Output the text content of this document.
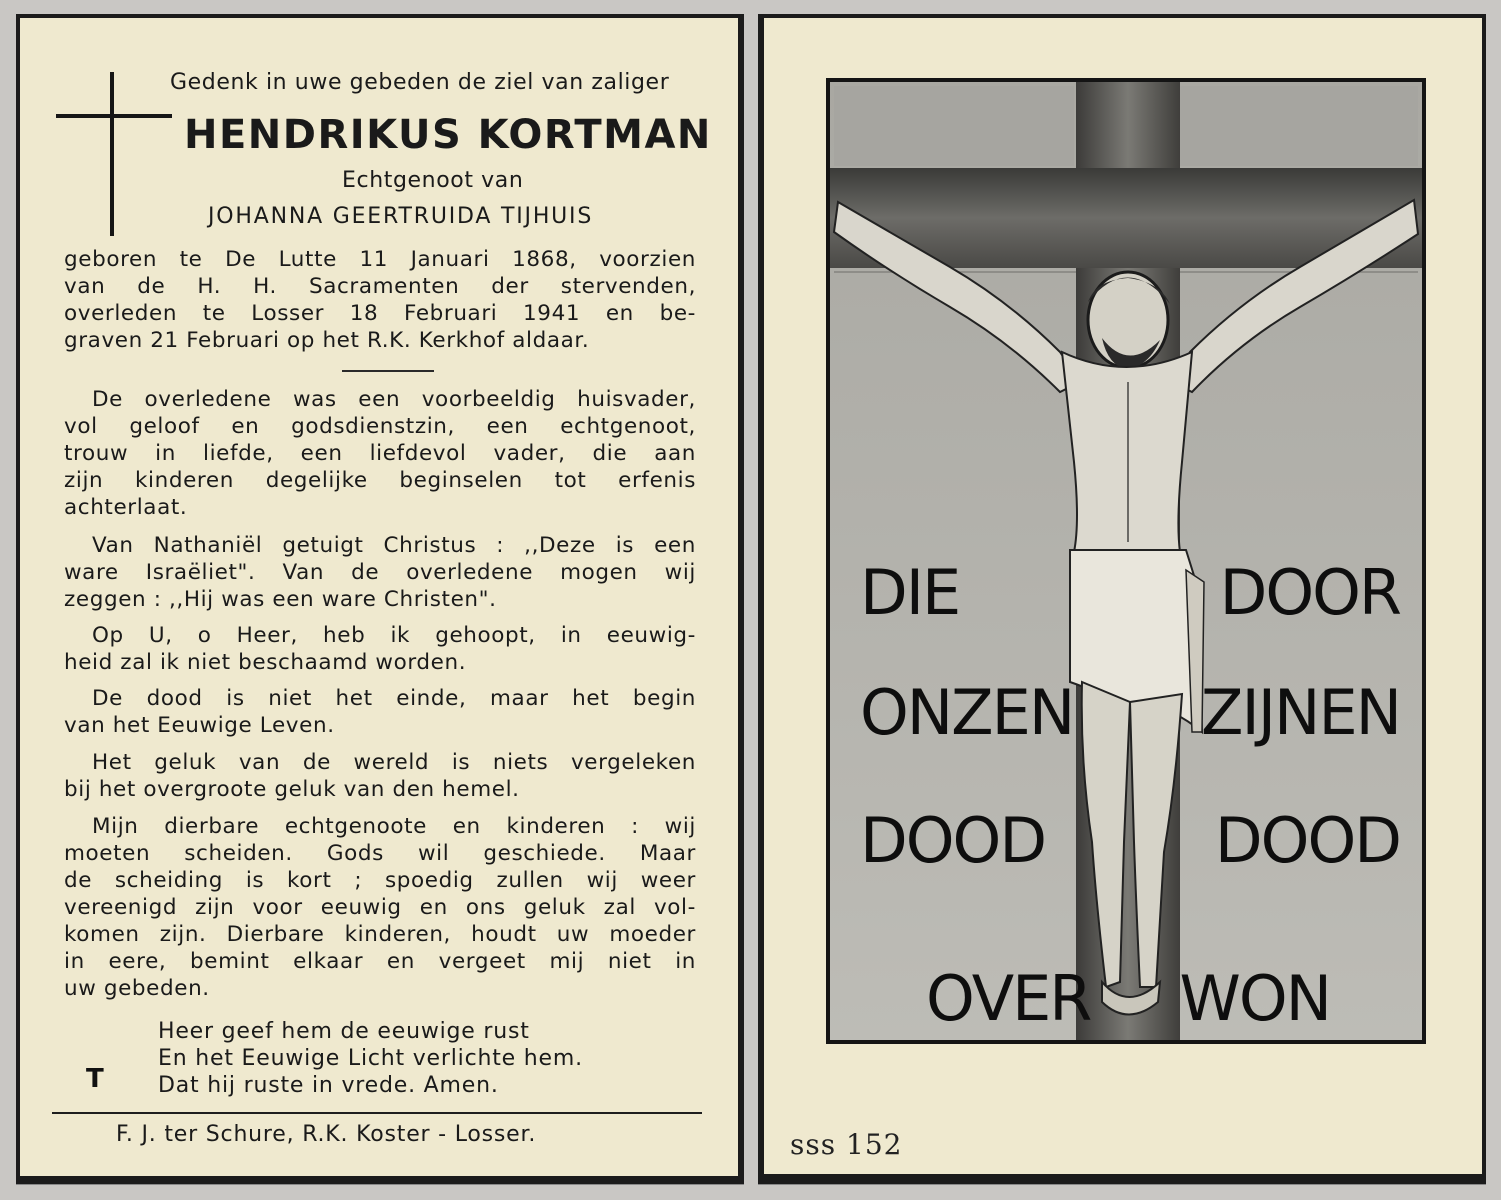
Gedenk in uwe gebeden de ziel van zaliger
HENDRIKUS KORTMAN
Echtgenoot van
JOHANNA GEERTRUIDA TIJHUIS
geboren te De Lutte 11 Januari 1868, voorzien
van de H. H. Sacramenten der stervenden,
overleden te Losser 18 Februari 1941 en be-
graven 21 Februari op het R.K. Kerkhof aldaar.
De overledene was een voorbeeldig huisvader,
vol geloof en godsdienstzin, een echtgenoot,
trouw in liefde, een liefdevol vader, die aan
zijn kinderen degelijke beginselen tot erfenis
achterlaat.
Van Nathaniël getuigt Christus : ,,Deze is een
ware Israëliet". Van de overledene mogen wij
zeggen : ,,Hij was een ware Christen".
Op U, o Heer, heb ik gehoopt, in eeuwig-
heid zal ik niet beschaamd worden.
De dood is niet het einde, maar het begin
van het Eeuwige Leven.
Het geluk van de wereld is niets vergeleken
bij het overgroote geluk van den hemel.
Mijn dierbare echtgenoote en kinderen : wij
moeten scheiden. Gods wil geschiede. Maar
de scheiding is kort ; spoedig zullen wij weer
vereenigd zijn voor eeuwig en ons geluk zal vol-
komen zijn. Dierbare kinderen, houdt uw moeder
in eere, bemint elkaar en vergeet mij niet in
uw gebeden.
Heer geef hem de eeuwige rust
En het Eeuwige Licht verlichte hem.
Dat hij ruste in vrede. Amen.
T
F. J. ter Schure, R.K. Koster - Losser.
DIE
ONZEN
DOOD
OVER
DOOR
ZIJNEN
DOOD
WON
sss 152
